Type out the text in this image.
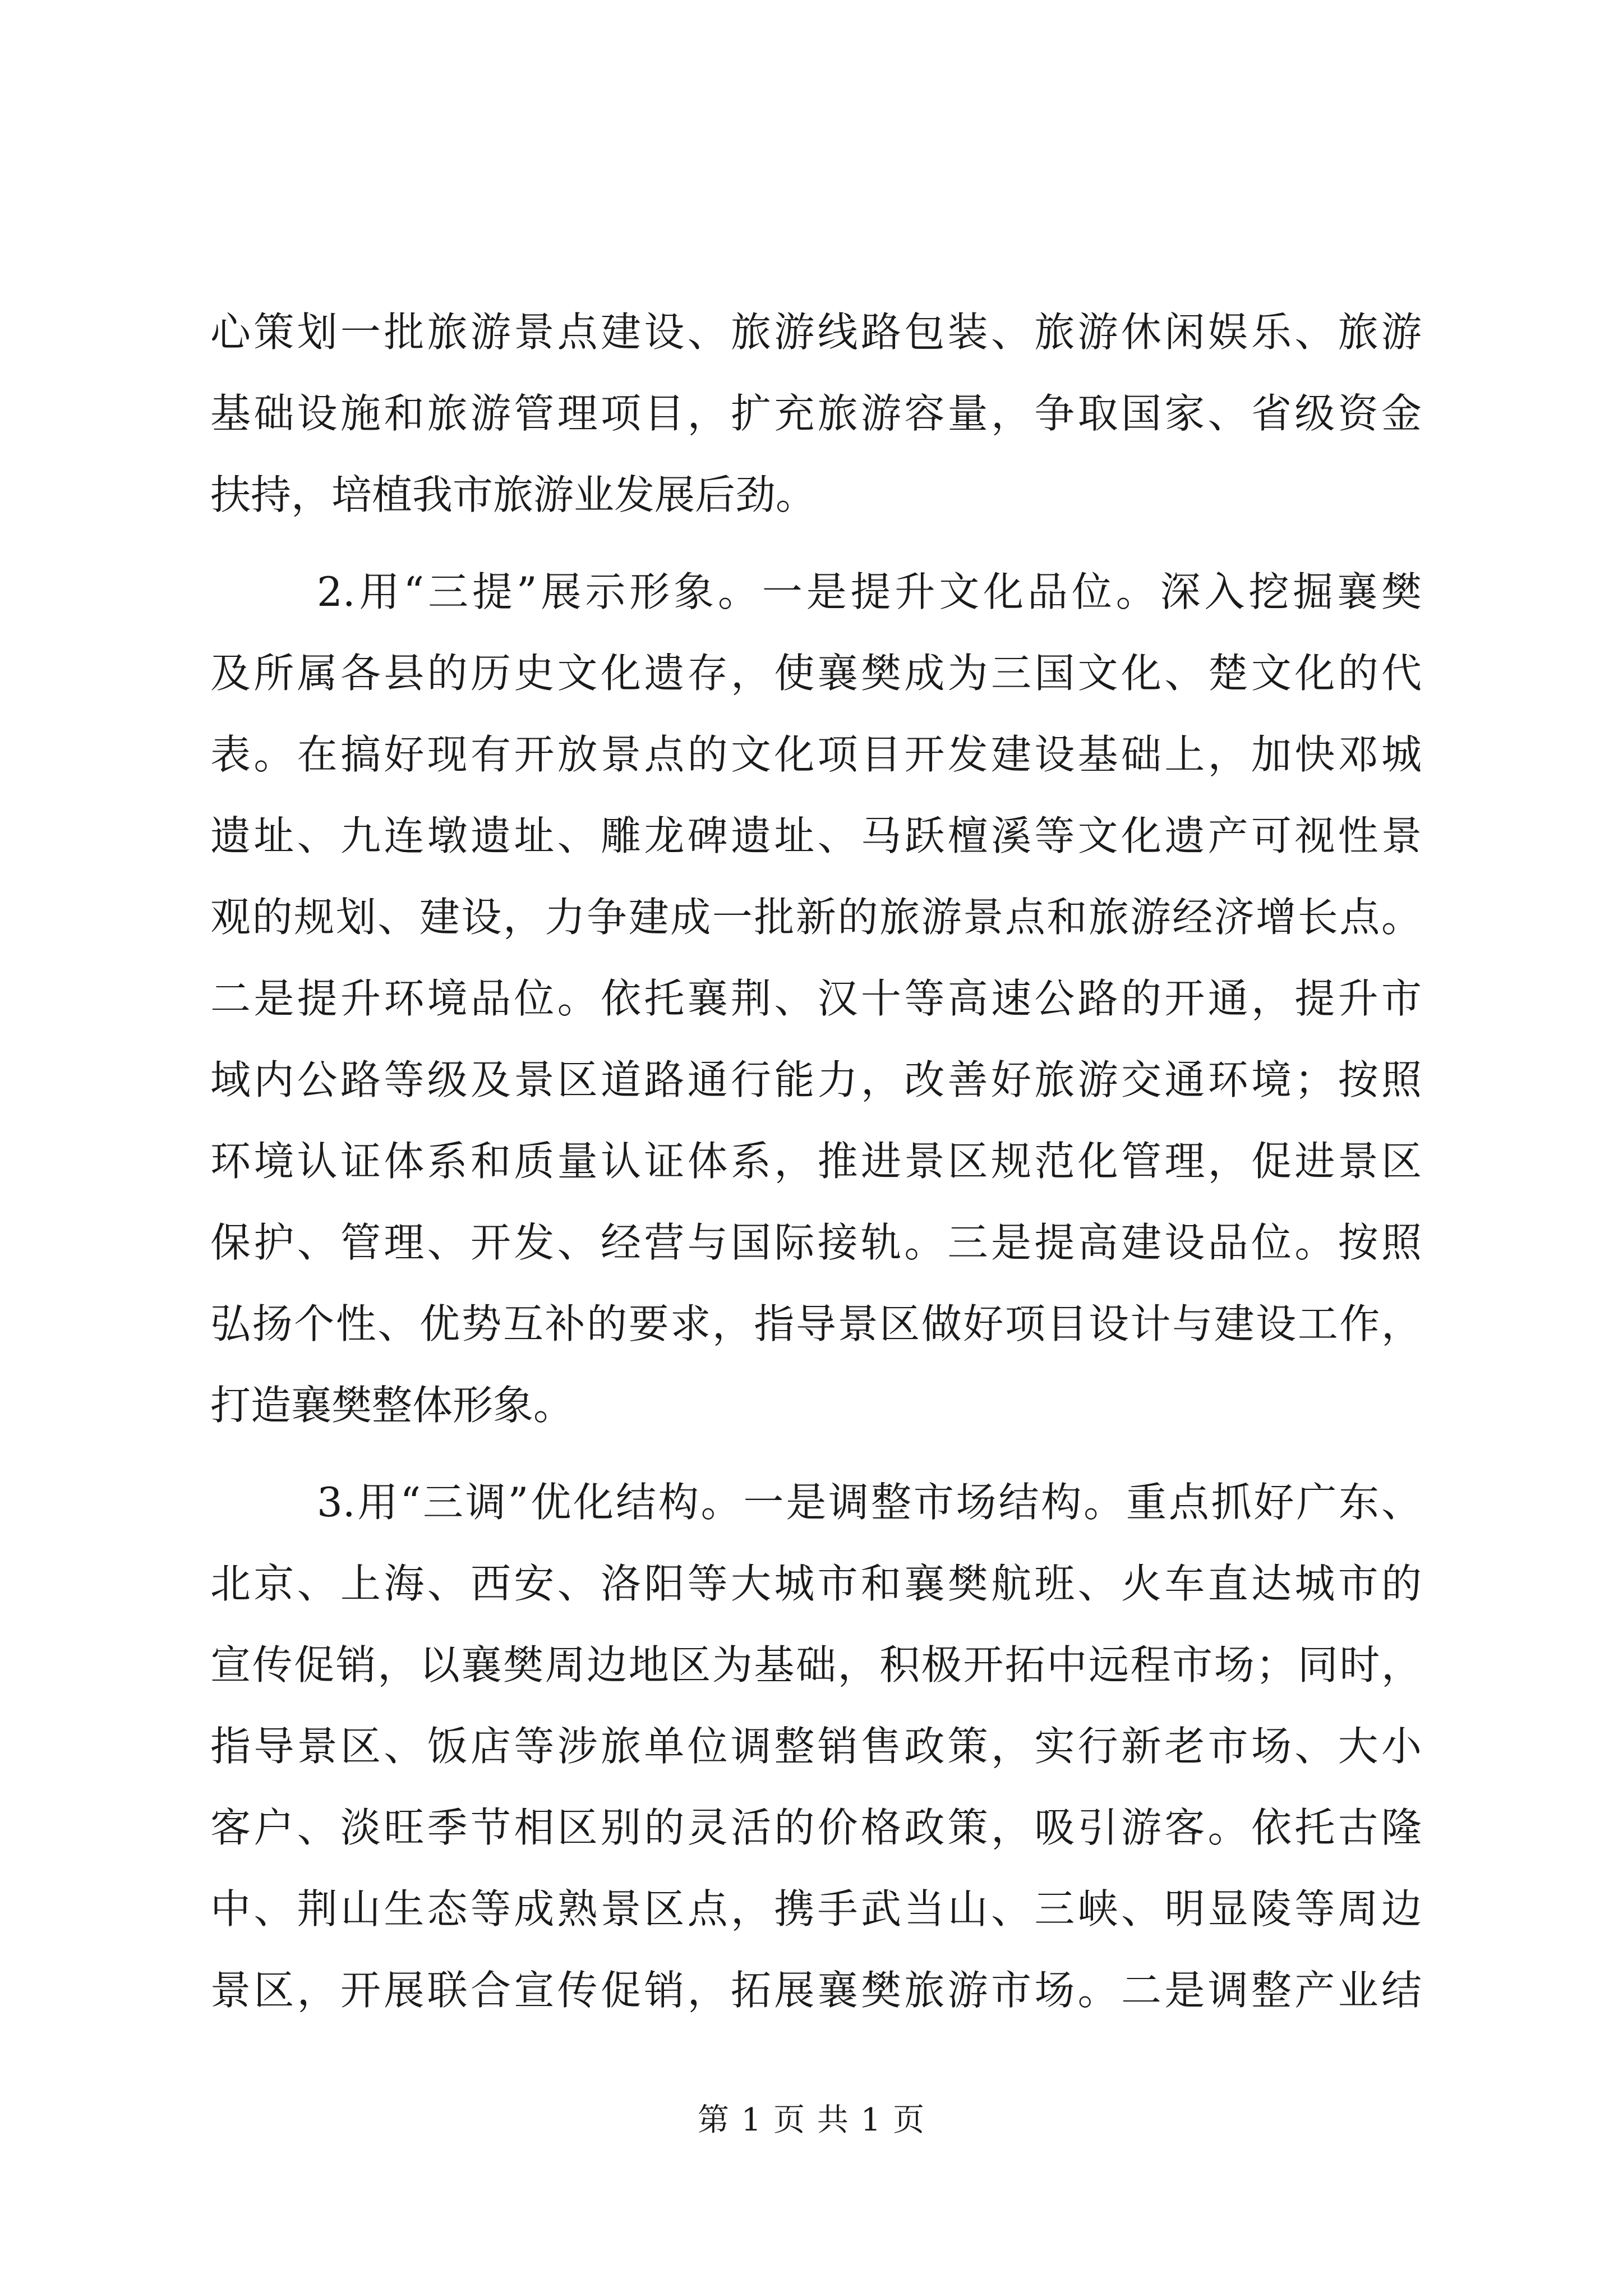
心策划一批旅游景点建设、旅游线路包装、旅游休闲娱乐、旅游
基础设施和旅游管理项目，扩充旅游容量，争取国家、省级资金
扶持，培植我市旅游业发展后劲。
2.用“三提”展示形象。一是提升文化品位。深入挖掘襄樊
及所属各县的历史文化遗存，使襄樊成为三国文化、楚文化的代
表。在搞好现有开放景点的文化项目开发建设基础上，加快邓城
遗址、九连墩遗址、雕龙碑遗址、马跃檀溪等文化遗产可视性景
观的规划、建设，力争建成一批新的旅游景点和旅游经济增长点。
二是提升环境品位。依托襄荆、汉十等高速公路的开通，提升市
域内公路等级及景区道路通行能力，改善好旅游交通环境；按照
环境认证体系和质量认证体系，推进景区规范化管理，促进景区
保护、管理、开发、经营与国际接轨。三是提高建设品位。按照
弘扬个性、优势互补的要求，指导景区做好项目设计与建设工作，
打造襄樊整体形象。
3.用“三调”优化结构。一是调整市场结构。重点抓好广东、
北京、上海、西安、洛阳等大城市和襄樊航班、火车直达城市的
宣传促销，以襄樊周边地区为基础，积极开拓中远程市场；同时，
指导景区、饭店等涉旅单位调整销售政策，实行新老市场、大小
客户、淡旺季节相区别的灵活的价格政策，吸引游客。依托古隆
中、荆山生态等成熟景区点，携手武当山、三峡、明显陵等周边
景区，开展联合宣传促销，拓展襄樊旅游市场。二是调整产业结
第 1 页 共 1 页
